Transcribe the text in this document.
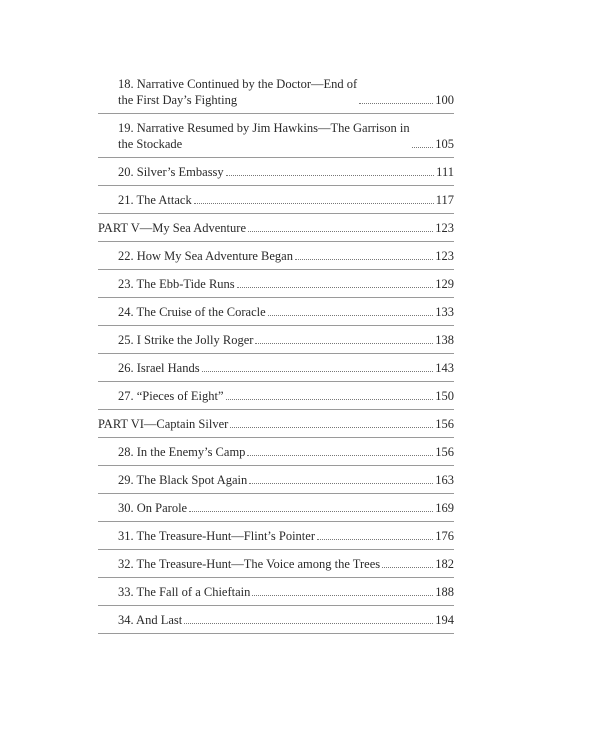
18. Narrative Continued by the Doctor—End of
the First Day’s Fighting	100
19. Narrative Resumed by Jim Hawkins—The Garrison in
the Stockade	105
20. Silver’s Embassy	111
21. The Attack	117
PART V—My Sea Adventure	123
22. How My Sea Adventure Began	123
23. The Ebb-Tide Runs	129
24. The Cruise of the Coracle	133
25. I Strike the Jolly Roger	138
26. Israel Hands	143
27. “Pieces of Eight”	150
PART VI—Captain Silver	156
28. In the Enemy’s Camp	156
29. The Black Spot Again	163
30. On Parole	169
31. The Treasure-Hunt—Flint’s Pointer	176
32. The Treasure-Hunt—The Voice among the Trees	182
33. The Fall of a Chieftain	188
34. And Last	194
